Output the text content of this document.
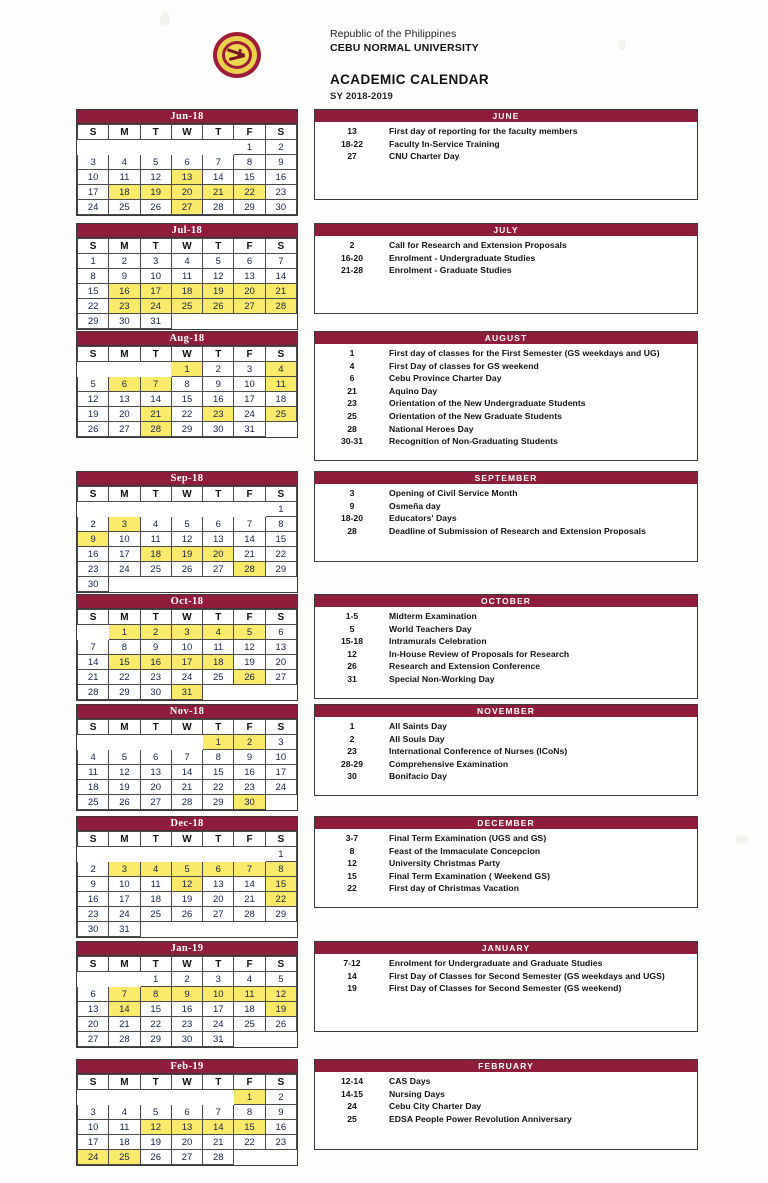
Republic of the Philippines
CEBU NORMAL UNIVERSITY
ACADEMIC CALENDAR
SY 2018-2019
Jun-18
S	M	T	W	T	F	S
					1	2
3	4	5	6	7	8	9
10	11	12	13	14	15	16
17	18	19	20	21	22	23
24	25	26	27	28	29	30
JUNE
13	First day of reporting for the faculty members
18-22	Faculty In-Service Training
27	CNU Charter Day
Jul-18
S	M	T	W	T	F	S
1	2	3	4	5	6	7
8	9	10	11	12	13	14
15	16	17	18	19	20	21
22	23	24	25	26	27	28
29	30	31				
JULY
2	Call for Research and Extension Proposals
16-20	Enrolment - Undergraduate Studies
21-28	Enrolment - Graduate Studies
Aug-18
S	M	T	W	T	F	S
			1	2	3	4
5	6	7	8	9	10	11
12	13	14	15	16	17	18
19	20	21	22	23	24	25
26	27	28	29	30	31	
AUGUST
1	First day of classes for the First Semester (GS weekdays and UG)
4	First Day of classes for GS weekend
6	Cebu Province Charter Day
21	Aquino Day
23	Orientation of the New Undergraduate Students
25	Orientation of the New Graduate Students
28	National Heroes Day
30-31	Recognition of Non-Graduating Students
Sep-18
S	M	T	W	T	F	S
						1
2	3	4	5	6	7	8
9	10	11	12	13	14	15
16	17	18	19	20	21	22
23	24	25	26	27	28	29
30						
SEPTEMBER
3	Opening of Civil Service Month
9	Osmeña day
18-20	Educators' Days
28	Deadline of Submission of Research and Extension Proposals
Oct-18
S	M	T	W	T	F	S
	1	2	3	4	5	6
7	8	9	10	11	12	13
14	15	16	17	18	19	20
21	22	23	24	25	26	27
28	29	30	31			
OCTOBER
1-5	Midterm Examination
5	World Teachers Day
15-18	Intramurals Celebration
12	In-House Review of Proposals for Research
26	Research and Extension Conference
31	Special Non-Working Day
Nov-18
S	M	T	W	T	F	S
				1	2	3
4	5	6	7	8	9	10
11	12	13	14	15	16	17
18	19	20	21	22	23	24
25	26	27	28	29	30	
NOVEMBER
1	All Saints Day
2	All Souls Day
23	International Conference of Nurses (ICoNs)
28-29	Comprehensive Examination
30	Bonifacio Day
Dec-18
S	M	T	W	T	F	S
						1
2	3	4	5	6	7	8
9	10	11	12	13	14	15
16	17	18	19	20	21	22
23	24	25	26	27	28	29
30	31					
DECEMBER
3-7	Final Term Examination (UGS and GS)
8	Feast of the Immaculate Concepcion
12	University Christmas Party
15	Final Term Examination ( Weekend GS)
22	First day of Christmas Vacation
Jan-19
S	M	T	W	T	F	S
		1	2	3	4	5
6	7	8	9	10	11	12
13	14	15	16	17	18	19
20	21	22	23	24	25	26
27	28	29	30	31		
JANUARY
7-12	Enrolment for Undergraduate and Graduate Studies
14	First Day of Classes for Second Semester (GS weekdays and UGS)
19	First Day of Classes for Second Semester (GS weekend)
Feb-19
S	M	T	W	T	F	S
					1	2
3	4	5	6	7	8	9
10	11	12	13	14	15	16
17	18	19	20	21	22	23
24	25	26	27	28		
FEBRUARY
12-14	CAS Days
14-15	Nursing Days
24	Cebu City Charter Day
25	EDSA People Power Revolution Anniversary
